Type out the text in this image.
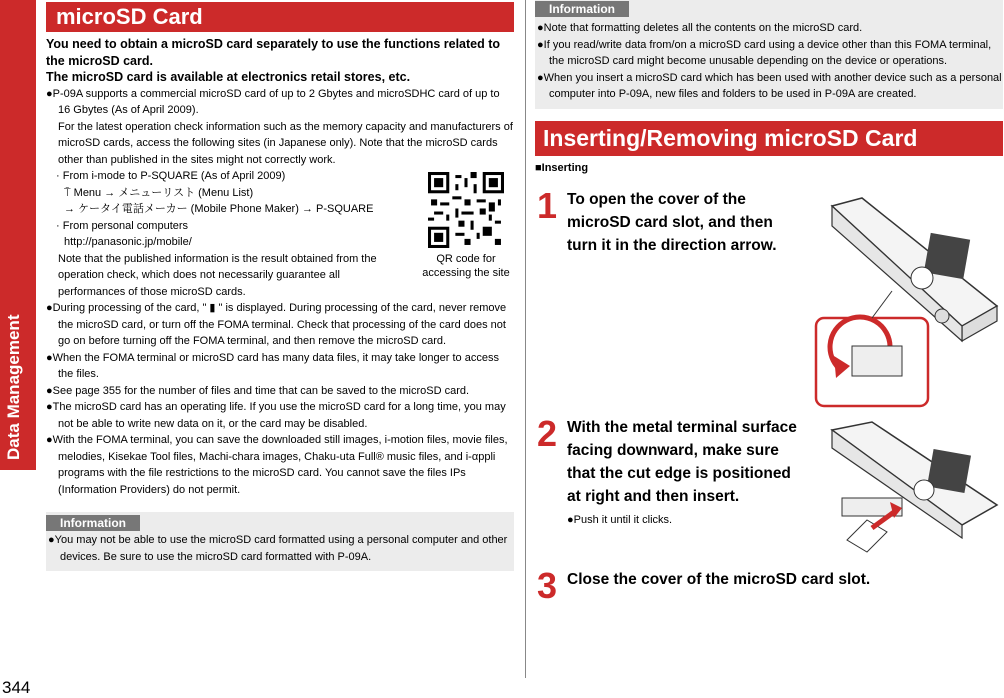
Data Management
344
microSD Card
You need to obtain a microSD card separately to use the functions related to the microSD card.
The microSD card is available at electronics retail stores, etc.
●P-09A supports a commercial microSD card of up to 2 Gbytes and microSDHC card of up to 16 Gbytes (As of April 2009).
For the latest operation check information such as the memory capacity and manufacturers of microSD cards, access the following sites (in Japanese only). Note that the microSD cards other than published in the sites might not correctly work.
· From i-mode to P-SQUARE (As of April 2009)
⍑ Menu → メニューリスト (Menu List)
→ ケータイ電話メーカー (Mobile Phone Maker) → P-SQUARE
· From personal computers
http://panasonic.jp/mobile/
Note that the published information is the result obtained from the operation check, which does not necessarily guarantee all performances of those microSD cards.
●During processing of the card, " ▮ " is displayed. During processing of the card, never remove the microSD card, or turn off the FOMA terminal. Check that processing of the card does not go on before turning off the FOMA terminal, and then remove the microSD card.
●When the FOMA terminal or microSD card has many data files, it may take longer to access the files.
●See page 355 for the number of files and time that can be saved to the microSD card.
●The microSD card has an operating life. If you use the microSD card for a long time, you may not be able to write new data on it, or the card may be disabled.
●With the FOMA terminal, you can save the downloaded still images, i-motion files, movie files, melodies, Kisekae Tool files, Machi-chara images, Chaku-uta Full® music files, and i-αppli programs with the file restrictions to the microSD card. You cannot save the files IPs (Information Providers) do not permit.
Information
●You may not be able to use the microSD card formatted using a personal computer and other devices. Be sure to use the microSD card formatted with P-09A.
QR code for accessing the site
Information
●Note that formatting deletes all the contents on the microSD card.
●If you read/write data from/on a microSD card using a device other than this FOMA terminal, the microSD card might become unusable depending on the device or operations.
●When you insert a microSD card which has been used with another device such as a personal computer into P-09A, new files and folders to be used in P-09A are created.
Inserting/Removing microSD Card
■Inserting
1 To open the cover of the microSD card slot, and then turn it in the direction arrow.
2 With the metal terminal surface facing downward, make sure that the cut edge is positioned at right and then insert.
●Push it until it clicks.
3 Close the cover of the microSD card slot.
